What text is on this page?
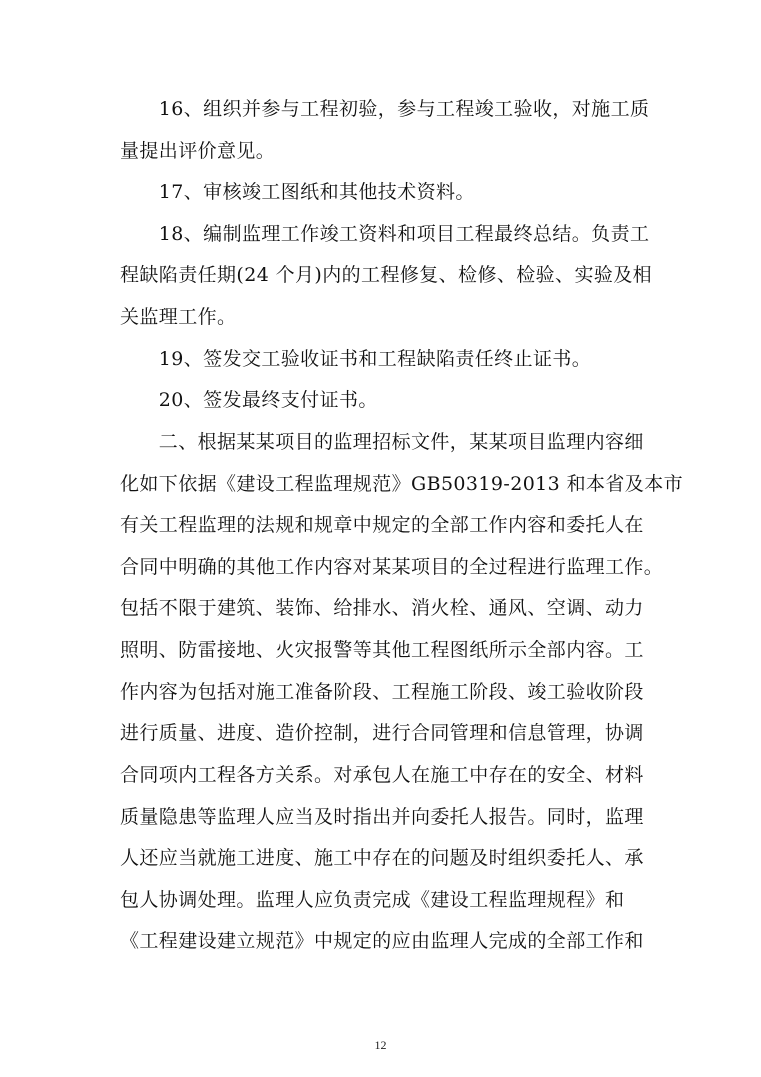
　　16、组织并参与工程初验，参与工程竣工验收，对施工质
量提出评价意见。
　　17、审核竣工图纸和其他技术资料。
　　18、编制监理工作竣工资料和项目工程最终总结。负责工
程缺陷责任期(24 个月)内的工程修复、检修、检验、实验及相
关监理工作。
　　19、签发交工验收证书和工程缺陷责任终止证书。
　　20、签发最终支付证书。
　　二、根据某某项目的监理招标文件，某某项目监理内容细
化如下依据《建设工程监理规范》GB50319-2013 和本省及本市
有关工程监理的法规和规章中规定的全部工作内容和委托人在
合同中明确的其他工作内容对某某项目的全过程进行监理工作。
包括不限于建筑、装饰、给排水、消火栓、通风、空调、动力
照明、防雷接地、火灾报警等其他工程图纸所示全部内容。工
作内容为包括对施工准备阶段、工程施工阶段、竣工验收阶段
进行质量、进度、造价控制，进行合同管理和信息管理，协调
合同项内工程各方关系。对承包人在施工中存在的安全、材料
质量隐患等监理人应当及时指出并向委托人报告。同时，监理
人还应当就施工进度、施工中存在的问题及时组织委托人、承
包人协调处理。监理人应负责完成《建设工程监理规程》和
《工程建设建立规范》中规定的应由监理人完成的全部工作和
12
